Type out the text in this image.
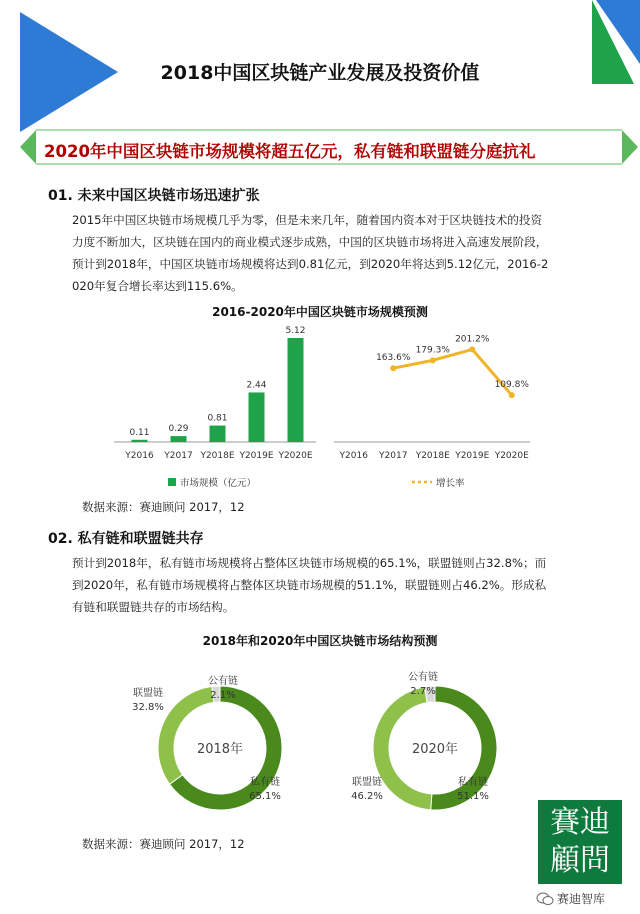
2018中国区块链产业发展及投资价值
2020年中国区块链市场规模将超五亿元，私有链和联盟链分庭抗礼
01. 未来中国区块链市场迅速扩张
2015年中国区块链市场规模几乎为零，但是未来几年，随着国内资本对于区块链技术的投资
力度不断加大，区块链在国内的商业模式逐步成熟，中国的区块链市场将进入高速发展阶段，
预计到2018年，中国区块链市场规模将达到0.81亿元，到2020年将达到5.12亿元，2016-2
020年复合增长率达到115.6%。
2016-2020年中国区块链市场规模预测
0.11
Y2016
0.29
Y2017
0.81
Y2018E
2.44
Y2019E
5.12
Y2020E
市场规模（亿元）
Y2016 Y2017 Y2018E Y2019E Y2020E
163.6%
179.3%
201.2%
109.8%
增长率
数据来源：赛迪顾问 2017，12
02. 私有链和联盟链共存
预计到2018年，私有链市场规模将占整体区块链市场规模的65.1%，联盟链则占32.8%；而
到2020年，私有链市场规模将占整体区块链市场规模的51.1%，联盟链则占46.2%。形成私
有链和联盟链共存的市场结构。
2018年和2020年中国区块链市场结构预测
2018年
私有链
65.1%
联盟链
32.8%
公有链
2.1%
2020年
私有链
51.1%
联盟链
46.2%
公有链
2.7%
数据来源：赛迪顾问 2017，12
賽迪顧問
赛迪智库
